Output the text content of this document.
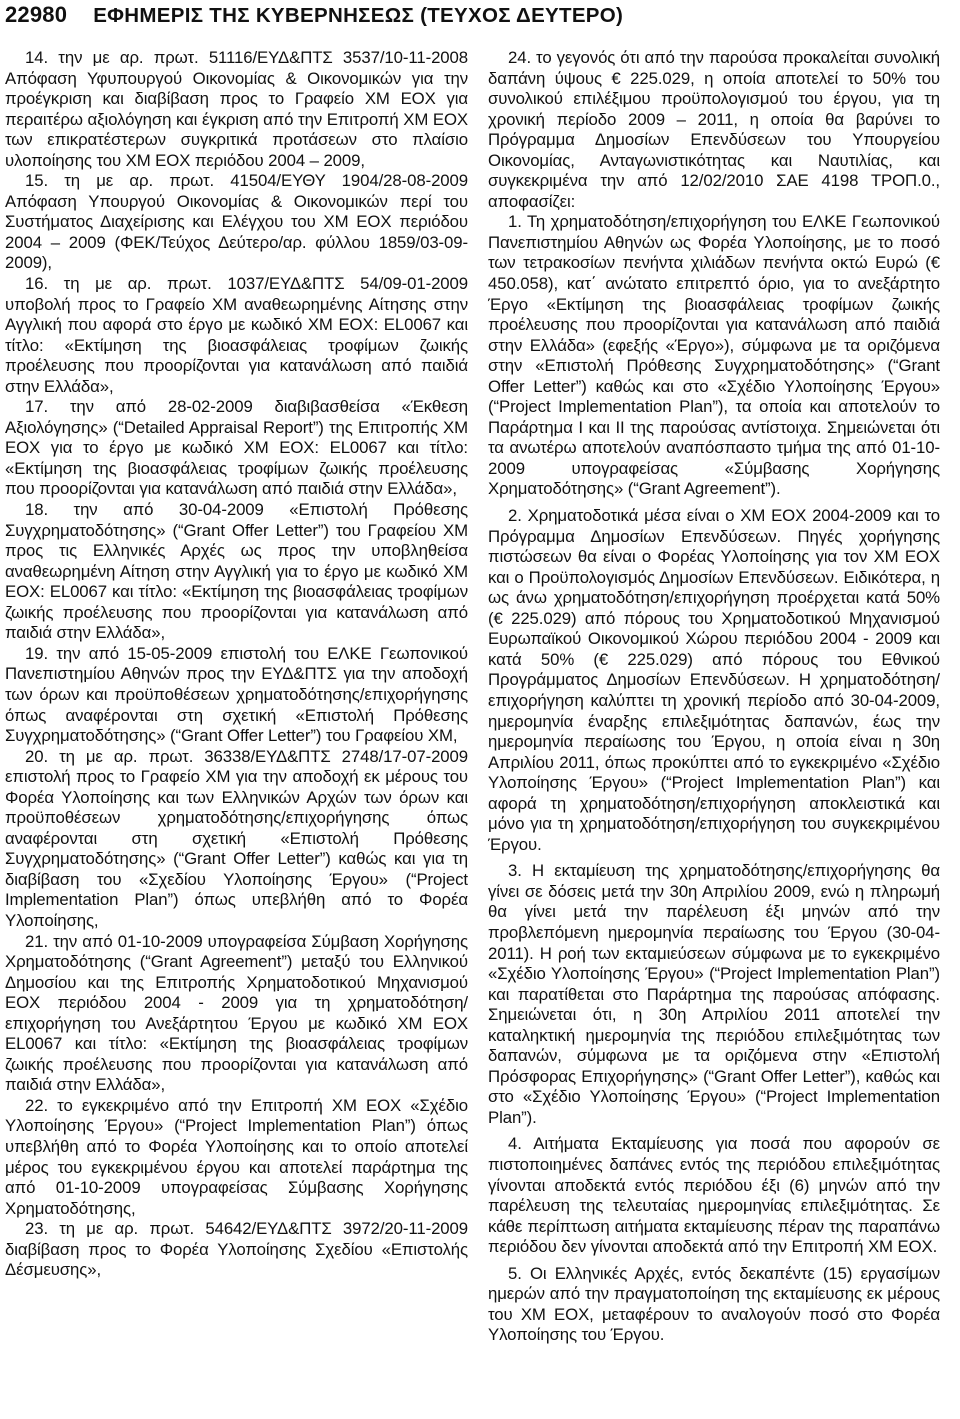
22980 ΕΦΗΜΕΡΙΣ ΤΗΣ ΚΥΒΕΡΝΗΣΕΩΣ (ΤΕΥΧΟΣ ΔΕΥΤΕΡΟ)

14. την με αρ. πρωτ. 51116/ΕΥΔ&ΠΤΣ 3537/10-11-2008 Απόφαση Υφυπουργού Οικονομίας & Οικονομικών για την προέγκριση και διαβίβαση προς το Γραφείο ΧΜ ΕΟΧ για περαιτέρω αξιολόγηση και έγκριση από την Επιτροπή ΧΜ ΕΟΧ των επικρατέστερων συγκριτικά προτάσεων στο πλαίσιο υλοποίησης του ΧΜ ΕΟΧ περιόδου 2004 – 2009,

15. τη με αρ. πρωτ. 41504/ΕΥΘΥ 1904/28-08-2009 Απόφαση Υπουργού Οικονομίας & Οικονομικών περί του Συστήματος Διαχείρισης και Ελέγχου του ΧΜ ΕΟΧ περιόδου 2004 – 2009 (ΦΕΚ/Τεύχος Δεύτερο/αρ. φύλλου 1859/03-09-2009),

16. τη με αρ. πρωτ. 1037/ΕΥΔ&ΠΤΣ 54/09-01-2009 υποβολή προς το Γραφείο ΧΜ αναθεωρημένης Αίτησης στην Αγγλική που αφορά στο έργο με κωδικό ΧΜ ΕΟΧ: EL0067 και τίτλο: «Εκτίμηση της βιοασφάλειας τροφίμων ζωικής προέλευσης που προορίζονται για κατανάλωση από παιδιά στην Ελλάδα»,

17. την από 28-02-2009 διαβιβασθείσα «Έκθεση Αξιολόγησης» (“Detailed Appraisal Report”) της Επιτροπής ΧΜ ΕΟΧ για το έργο με κωδικό ΧΜ ΕΟΧ: EL0067 και τίτλο: «Εκτίμηση της βιοασφάλειας τροφίμων ζωικής προέλευσης που προορίζονται για κατανάλωση από παιδιά στην Ελλάδα»,

18. την από 30-04-2009 «Επιστολή Πρόθεσης Συγχρηματοδότησης» (“Grant Offer Letter”) του Γραφείου ΧΜ προς τις Ελληνικές Αρχές ως προς την υποβληθείσα αναθεωρημένη Αίτηση στην Αγγλική για το έργο με κωδικό ΧΜ ΕΟΧ: EL0067 και τίτλο: «Εκτίμηση της βιοασφάλειας τροφίμων ζωικής προέλευσης που προορίζονται για κατανάλωση από παιδιά στην Ελλάδα»,

19. την από 15-05-2009 επιστολή του ΕΛΚΕ Γεωπονικού Πανεπιστημίου Αθηνών προς την ΕΥΔ&ΠΤΣ για την αποδοχή των όρων και προϋποθέσεων χρηματοδότησης/επιχορήγησης όπως αναφέρονται στη σχετική «Επιστολή Πρόθεσης Συγχρηματοδότησης» (“Grant Offer Letter”) του Γραφείου ΧΜ,

20. τη με αρ. πρωτ. 36338/ΕΥΔ&ΠΤΣ 2748/17-07-2009 επιστολή προς το Γραφείο ΧΜ για την αποδοχή εκ μέρους του Φορέα Υλοποίησης και των Ελληνικών Αρχών των όρων και προϋποθέσεων χρηματοδότησης/επιχορήγησης όπως αναφέρονται στη σχετική «Επιστολή Πρόθεσης Συγχρηματοδότησης» (“Grant Offer Letter”) καθώς και για τη διαβίβαση του «Σχεδίου Υλοποίησης Έργου» (“Project Implementation Plan”) όπως υπεβλήθη από το Φορέα Υλοποίησης,

21. την από 01-10-2009 υπογραφείσα Σύμβαση Χορήγησης Χρηματοδότησης (“Grant Agreement”) μεταξύ του Ελληνικού Δημοσίου και της Επιτροπής Χρηματοδοτικού Μηχανισμού ΕΟΧ περιόδου 2004 - 2009 για τη χρηματοδότηση/επιχορήγηση του Ανεξάρτητου Έργου με κωδικό ΧΜ ΕΟΧ EL0067 και τίτλο: «Εκτίμηση της βιοασφάλειας τροφίμων ζωικής προέλευσης που προορίζονται για κατανάλωση από παιδιά στην Ελλάδα»,

22. το εγκεκριμένο από την Επιτροπή ΧΜ ΕΟΧ «Σχέδιο Υλοποίησης Έργου» (“Project Implementation Plan”) όπως υπεβλήθη από το Φορέα Υλοποίησης και το οποίο αποτελεί μέρος του εγκεκριμένου έργου και αποτελεί παράρτημα της από 01-10-2009 υπογραφείσας Σύμβασης Χορήγησης Χρηματοδότησης,

23. τη με αρ. πρωτ. 54642/ΕΥΔ&ΠΤΣ 3972/20-11-2009 διαβίβαση προς το Φορέα Υλοποίησης Σχεδίου «Επιστολής Δέσμευσης»,

24. το γεγονός ότι από την παρούσα προκαλείται συνολική δαπάνη ύψους € 225.029, η οποία αποτελεί το 50% του συνολικού επιλέξιμου προϋπολογισμού του έργου, για τη χρονική περίοδο 2009 – 2011, η οποία θα βαρύνει το Πρόγραμμα Δημοσίων Επενδύσεων του Υπουργείου Οικονομίας, Ανταγωνιστικότητας και Ναυτιλίας, και συγκεκριμένα την από 12/02/2010 ΣΑΕ 4198 ΤΡΟΠ.0., αποφασίζει:

1. Τη χρηματοδότηση/επιχορήγηση του ΕΛΚΕ Γεωπονικού Πανεπιστημίου Αθηνών ως Φορέα Υλοποίησης, με το ποσό των τετρακοσίων πενήντα χιλιάδων πενήντα οκτώ Ευρώ (€ 450.058), κατ΄ ανώτατο επιτρεπτό όριο, για το ανεξάρτητο Έργο «Εκτίμηση της βιοασφάλειας τροφίμων ζωικής προέλευσης που προορίζονται για κατανάλωση από παιδιά στην Ελλάδα» (εφεξής «Έργο»), σύμφωνα με τα οριζόμενα στην «Επιστολή Πρόθεσης Συγχρηματοδότησης» (“Grant Offer Letter”) καθώς και στο «Σχέδιο Υλοποίησης Έργου» (“Project Implementation Plan”), τα οποία και αποτελούν το Παράρτημα Ι και ΙΙ της παρούσας αντίστοιχα. Σημειώνεται ότι τα ανωτέρω αποτελούν αναπόσπαστο τμήμα της από 01-10-2009 υπογραφείσας «Σύμβασης Χορήγησης Χρηματοδότησης» (“Grant Agreement”).

2. Χρηματοδοτικά μέσα είναι ο ΧΜ ΕΟΧ 2004-2009 και το Πρόγραμμα Δημοσίων Επενδύσεων. Πηγές χορήγησης πιστώσεων θα είναι ο Φορέας Υλοποίησης για τον ΧΜ ΕΟΧ και ο Προϋπολογισμός Δημοσίων Επενδύσεων. Ειδικότερα, η ως άνω χρηματοδότηση/επιχορήγηση προέρχεται κατά 50% (€ 225.029) από πόρους του Χρηματοδοτικού Μηχανισμού Ευρωπαϊκού Οικονομικού Χώρου περιόδου 2004 - 2009 και κατά 50% (€ 225.029) από πόρους του Εθνικού Προγράμματος Δημοσίων Επενδύσεων. Η χρηματοδότηση/επιχορήγηση καλύπτει τη χρονική περίοδο από 30-04-2009, ημερομηνία έναρξης επιλεξιμότητας δαπανών, έως την ημερομηνία περαίωσης του Έργου, η οποία είναι η 30η Απριλίου 2011, όπως προκύπτει από το εγκεκριμένο «Σχέδιο Υλοποίησης Έργου» (“Project Implementation Plan”) και αφορά τη χρηματοδότηση/επιχορήγηση αποκλειστικά και μόνο για τη χρηματοδότηση/επιχορήγηση του συγκεκριμένου Έργου.

3. Η εκταμίευση της χρηματοδότησης/επιχορήγησης θα γίνει σε δόσεις μετά την 30η Απριλίου 2009, ενώ η πληρωμή θα γίνει μετά την παρέλευση έξι μηνών από την προβλεπόμενη ημερομηνία περαίωσης του Έργου (30-04-2011). Η ροή των εκταμιεύσεων σύμφωνα με το εγκεκριμένο «Σχέδιο Υλοποίησης Έργου» (“Project Implementation Plan”) και παρατίθεται στο Παράρτημα της παρούσας απόφασης. Σημειώνεται ότι, η 30η Απριλίου 2011 αποτελεί την καταληκτική ημερομηνία της περιόδου επιλεξιμότητας των δαπανών, σύμφωνα με τα οριζόμενα στην «Επιστολή Πρόσφορας Επιχορήγησης» (“Grant Offer Letter”), καθώς και στο «Σχέδιο Υλοποίησης Έργου» (“Project Implementation Plan”).

4. Αιτήματα Εκταμίευσης για ποσά που αφορούν σε πιστοποιημένες δαπάνες εντός της περιόδου επιλεξιμότητας γίνονται αποδεκτά εντός περιόδου έξι (6) μηνών από την παρέλευση της τελευταίας ημερομηνίας επιλεξιμότητας. Σε κάθε περίπτωση αιτήματα εκταμίευσης πέραν της παραπάνω περιόδου δεν γίνονται αποδεκτά από την Επιτροπή ΧΜ ΕΟΧ.

5. Οι Ελληνικές Αρχές, εντός δεκαπέντε (15) εργασίμων ημερών από την πραγματοποίηση της εκταμίευσης εκ μέρους του ΧΜ ΕΟΧ, μεταφέρουν το αναλογούν ποσό στο Φορέα Υλοποίησης του Έργου.
